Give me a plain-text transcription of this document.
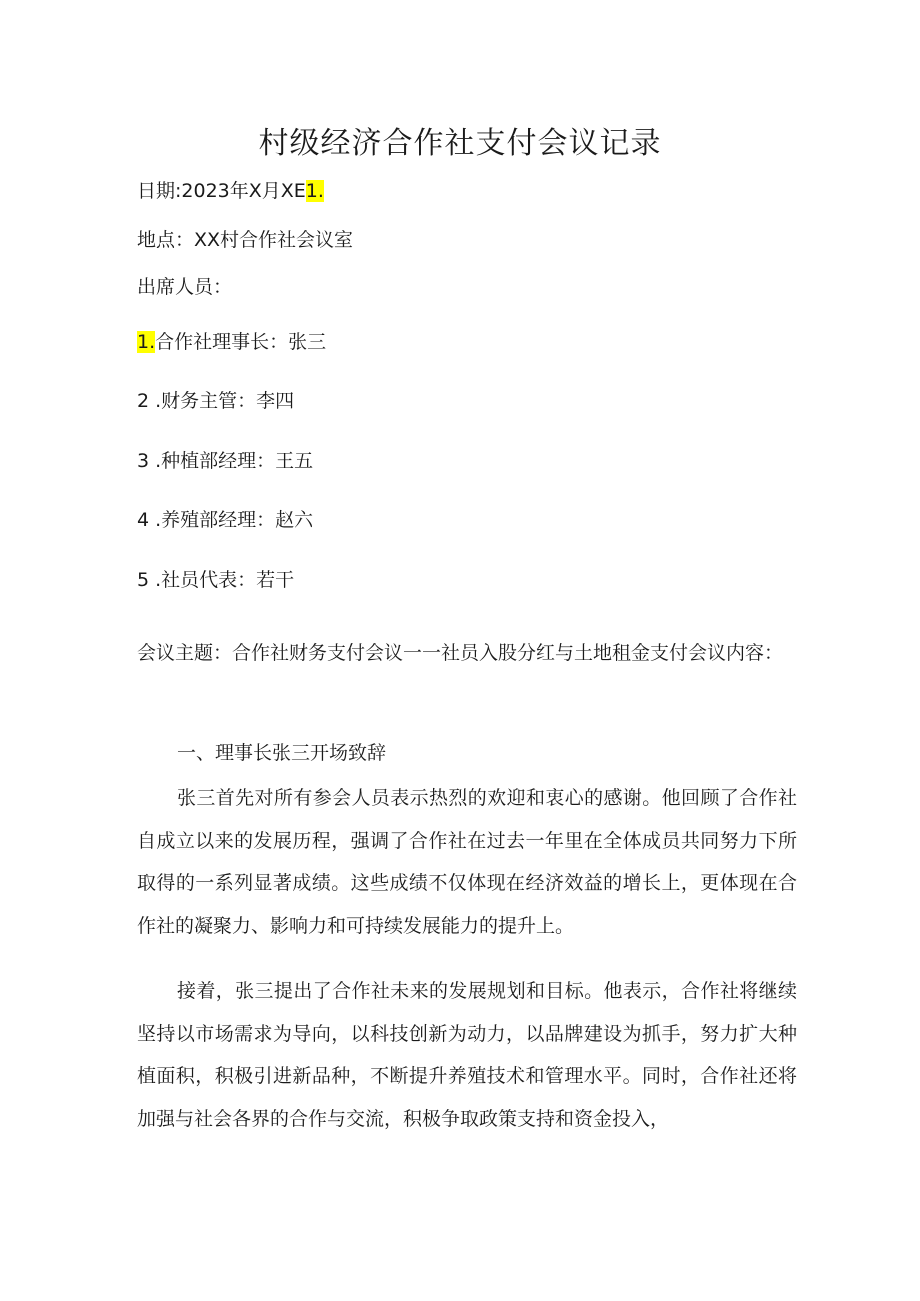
村级经济合作社支付会议记录
日期:2023年X月XE1.
地点：XX村合作社会议室
出席人员：
1.合作社理事长：张三
2 .财务主管：李四
3 .种植部经理：王五
4 .养殖部经理：赵六
5 .社员代表：若干
会议主题：合作社财务支付会议一一社员入股分红与土地租金支付会议内容：
一、理事长张三开场致辞
张三首先对所有参会人员表示热烈的欢迎和衷心的感谢。他回顾了合作社自成立以来的发展历程，强调了合作社在过去一年里在全体成员共同努力下所取得的一系列显著成绩。这些成绩不仅体现在经济效益的增长上，更体现在合作社的凝聚力、影响力和可持续发展能力的提升上。
接着，张三提出了合作社未来的发展规划和目标。他表示，合作社将继续坚持以市场需求为导向，以科技创新为动力，以品牌建设为抓手，努力扩大种植面积，积极引进新品种，不断提升养殖技术和管理水平。同时，合作社还将加强与社会各界的合作与交流，积极争取政策支持和资金投入，
